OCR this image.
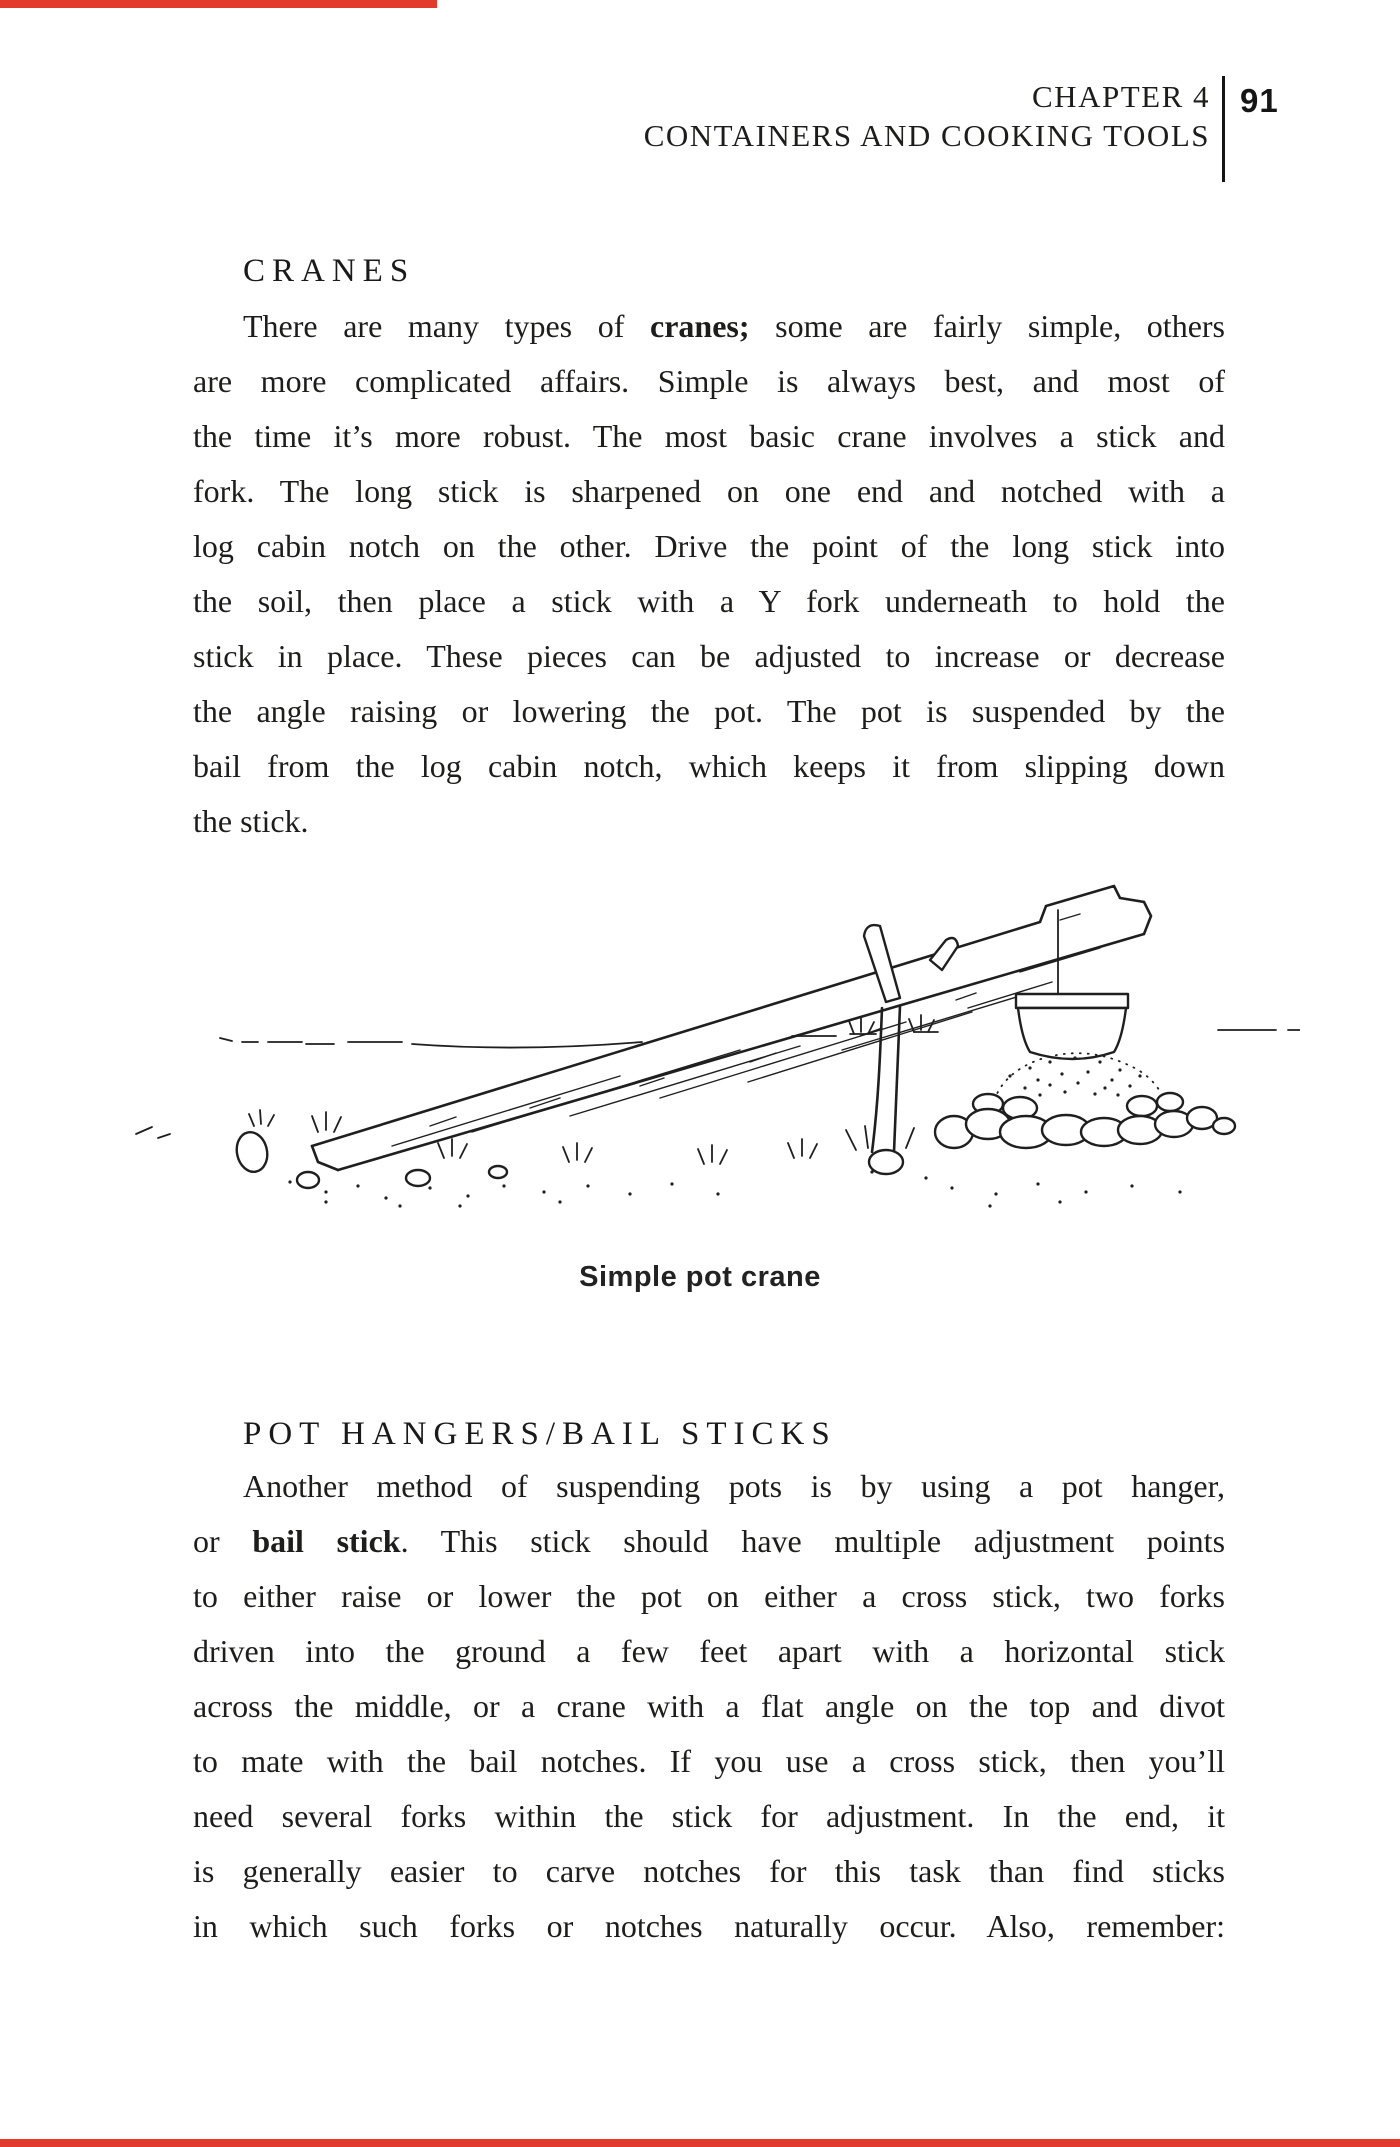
CHAPTER 4
CONTAINERS AND COOKING TOOLS
91
CRANES
There are many types of cranes; some are fairly simple, others
are more complicated affairs. Simple is always best, and most of
the time it’s more robust. The most basic crane involves a stick and
fork. The long stick is sharpened on one end and notched with a
log cabin notch on the other. Drive the point of the long stick into
the soil, then place a stick with a Y fork underneath to hold the
stick in place. These pieces can be adjusted to increase or decrease
the angle raising or lowering the pot. The pot is suspended by the
bail from the log cabin notch, which keeps it from slipping down
the stick.
Simple pot crane
POT HANGERS/BAIL STICKS
Another method of suspending pots is by using a pot hanger,
or bail stick. This stick should have multiple adjustment points
to either raise or lower the pot on either a cross stick, two forks
driven into the ground a few feet apart with a horizontal stick
across the middle, or a crane with a flat angle on the top and divot
to mate with the bail notches. If you use a cross stick, then you’ll
need several forks within the stick for adjustment. In the end, it
is generally easier to carve notches for this task than find sticks
in which such forks or notches naturally occur. Also, remember:
